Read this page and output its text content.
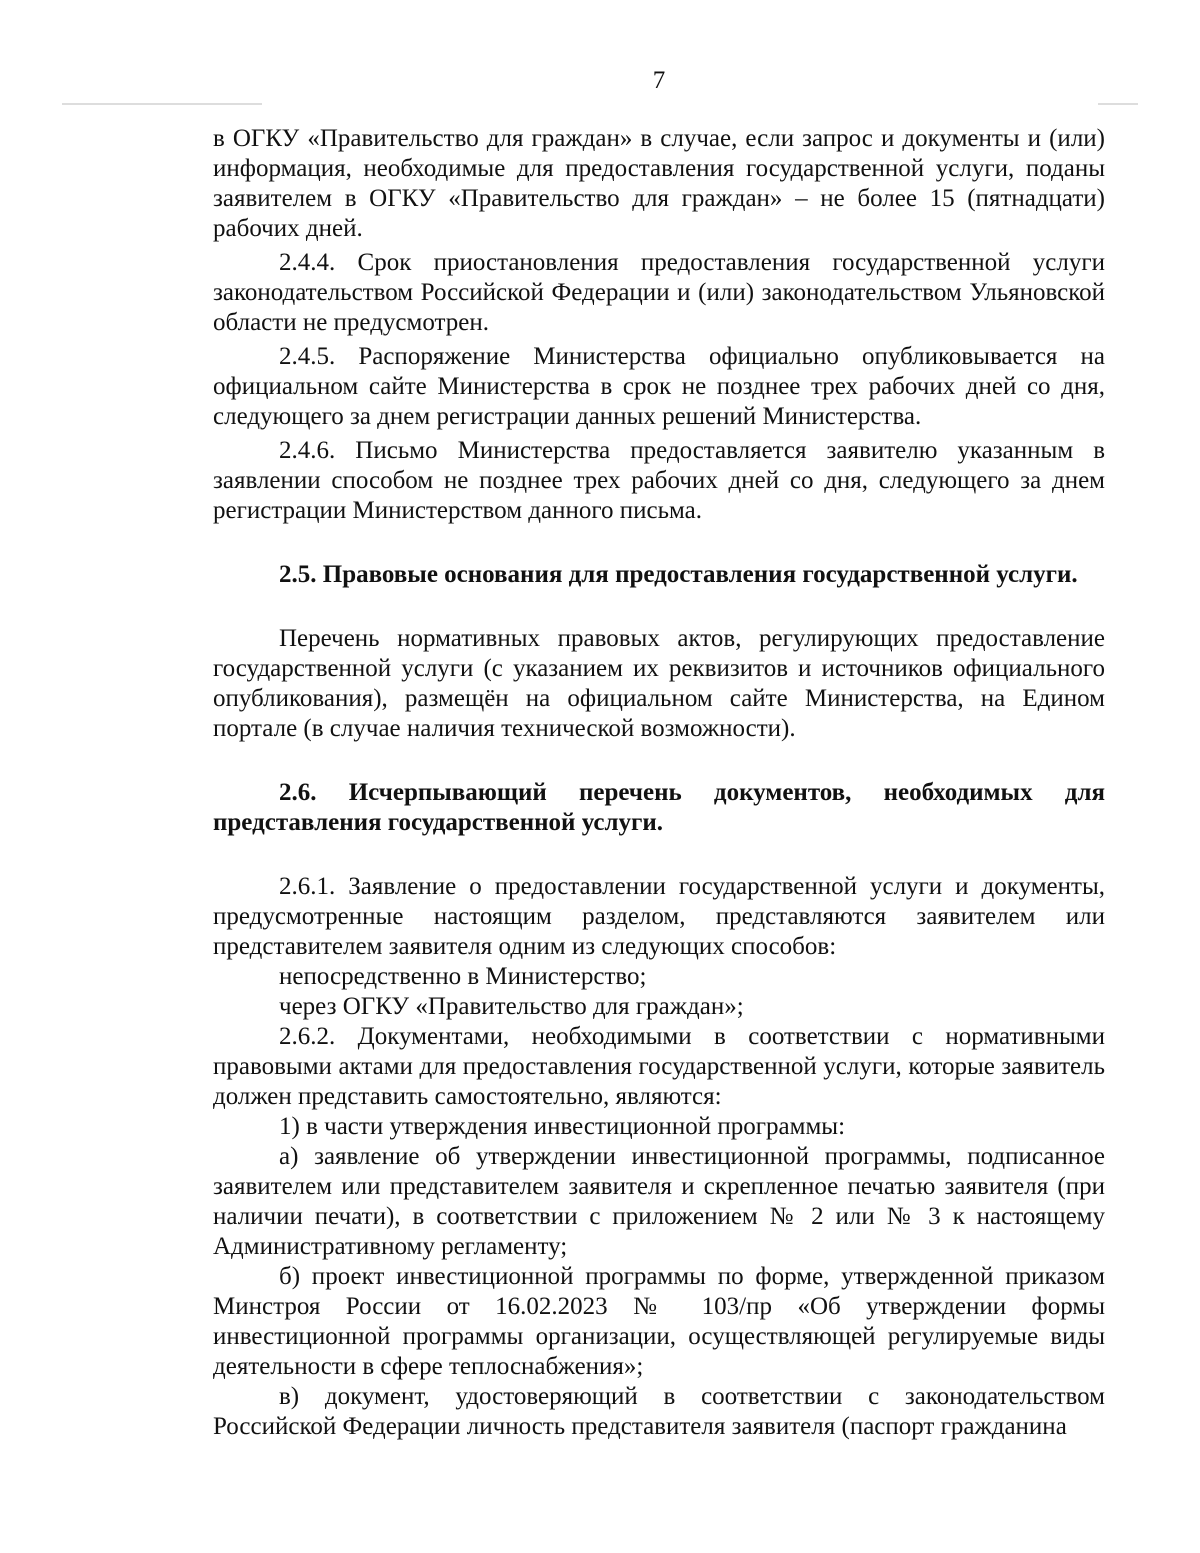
7

в ОГКУ «Правительство для граждан» в случае, если запрос и документы и (или) информация, необходимые для предоставления государственной услуги, поданы заявителем в ОГКУ «Правительство для граждан» – не более 15 (пятнадцати) рабочих дней.

2.4.4. Срок приостановления предоставления государственной услуги законодательством Российской Федерации и (или) законодательством Ульяновской области не предусмотрен.

2.4.5. Распоряжение Министерства официально опубликовывается на официальном сайте Министерства в срок не позднее трех рабочих дней со дня, следующего за днем регистрации данных решений Министерства.

2.4.6. Письмо Министерства предоставляется заявителю указанным в заявлении способом не позднее трех рабочих дней со дня, следующего за днем регистрации Министерством данного письма.

2.5. Правовые основания для предоставления государственной услуги.

Перечень нормативных правовых актов, регулирующих предоставление государственной услуги (с указанием их реквизитов и источников официального опубликования), размещён на официальном сайте Министерства, на Едином портале (в случае наличия технической возможности).

2.6. Исчерпывающий перечень документов, необходимых для представления государственной услуги.

2.6.1. Заявление о предоставлении государственной услуги и документы, предусмотренные настоящим разделом, представляются заявителем или представителем заявителя одним из следующих способов:

непосредственно в Министерство;

через ОГКУ «Правительство для граждан»;

2.6.2. Документами, необходимыми в соответствии с нормативными правовыми актами для предоставления государственной услуги, которые заявитель должен представить самостоятельно, являются:

1) в части утверждения инвестиционной программы:

а) заявление об утверждении инвестиционной программы, подписанное заявителем или представителем заявителя и скрепленное печатью заявителя (при наличии печати), в соответствии с приложением № 2 или № 3 к настоящему Административному регламенту;

б) проект инвестиционной программы по форме, утвержденной приказом Минстроя России от 16.02.2023 № 103/пр «Об утверждении формы инвестиционной программы организации, осуществляющей регулируемые виды деятельности в сфере теплоснабжения»;

в) документ, удостоверяющий в соответствии с законодательством Российской Федерации личность представителя заявителя (паспорт гражданина
